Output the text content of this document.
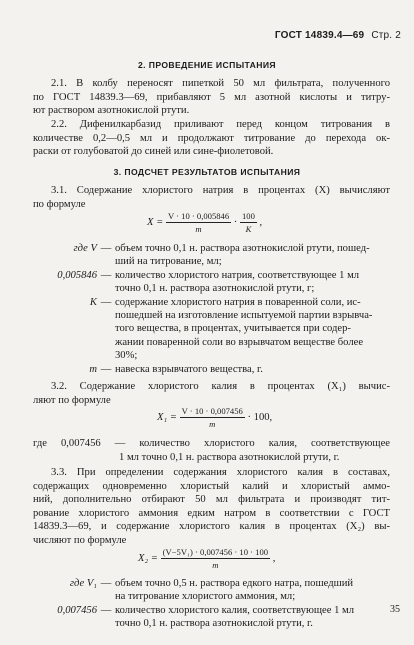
ГОСТ 14839.4—69 Стр. 2
2. ПРОВЕДЕНИЕ ИСПЫТАНИЯ
2.1. В колбу переносят пипеткой 50 мл фильтрата, полученного
по ГОСТ 14839.3—69, прибавляют 5 мл азотной кислоты и титру-
ют раствором азотнокислой ртути.
2.2. Дифенилкарбазид приливают перед концом титрования в
количестве 0,2—0,5 мл и продолжают титрование до перехода ок-
раски от голубоватой до синей или сине-фиолетовой.
3. ПОДСЧЕТ РЕЗУЛЬТАТОВ ИСПЫТАНИЯ
3.1. Содержание хлористого натрия в процентах (X) вычисляют
по формуле
$X = \frac{V \cdot 10 \cdot 0,005846}{m} \cdot \frac{100}{K}$ ,
где V — объем точно 0,1 н. раствора азотнокислой ртути, пошед-
ший на титрование, мл;
0,005846 — количество хлористого натрия, соответствующее 1 мл
точно 0,1 н. раствора азотнокислой ртути, г;
K — содержание хлористого натрия в поваренной соли, ис-
пошедшей на изготовление испытуемой партии взрывча-
того вещества, в процентах, учитывается при содер-
жании поваренной соли во взрывчатом веществе более
30%;
m — навеска взрывчатого вещества, г.
3.2. Содержание хлористого калия в процентах (X₁) вычис-
ляют по формуле
$X_1 = \frac{V \cdot 10 \cdot 0,007456}{m} \cdot 100$,
где 0,007456 — количество хлористого калия, соответствующее
1 мл точно 0,1 н. раствора азотнокислой ртути, г.
3.3. При определении содержания хлористого калия в составах,
содержащих одновременно хлористый калий и хлористый аммо-
ний, дополнительно отбирают 50 мл фильтрата и производят тит-
рование хлористого аммония едким натром в соответствии с ГОСТ
14839.3—69, и содержание хлористого калия в процентах (X₂) вы-
числяют по формуле
$X_2 = \frac{\text{(V−5V₁) · 0,007456 · 10 · 100}}{m}$ ,
где V₁ — объем точно 0,5 н. раствора едкого натра, пошедший
на титрование хлористого аммония, мл;
0,007456 — количество хлористого калия, соответствующее 1 мл
точно 0,1 н. раствора азотнокислой ртути, г.
35
